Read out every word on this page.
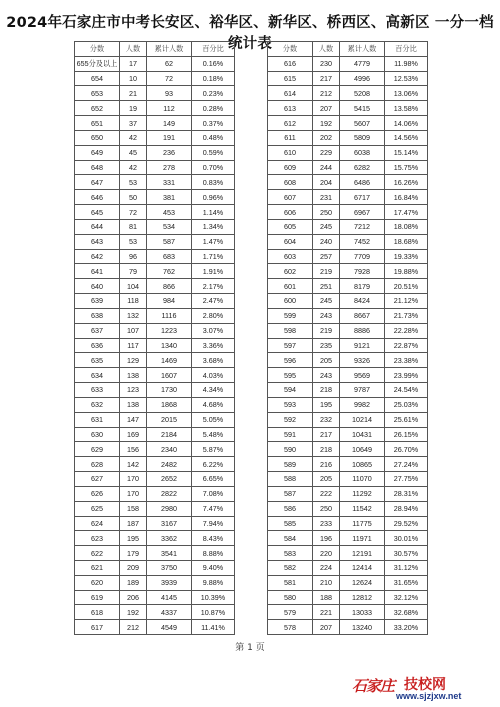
2024年石家庄市中考长安区、裕华区、新华区、桥西区、高新区 一分一档统计表
分数	人数	累计人数	百分比
655分及以上	17	62	0.16%
654	10	72	0.18%
653	21	93	0.23%
652	19	112	0.28%
651	37	149	0.37%
650	42	191	0.48%
649	45	236	0.59%
648	42	278	0.70%
647	53	331	0.83%
646	50	381	0.96%
645	72	453	1.14%
644	81	534	1.34%
643	53	587	1.47%
642	96	683	1.71%
641	79	762	1.91%
640	104	866	2.17%
639	118	984	2.47%
638	132	1116	2.80%
637	107	1223	3.07%
636	117	1340	3.36%
635	129	1469	3.68%
634	138	1607	4.03%
633	123	1730	4.34%
632	138	1868	4.68%
631	147	2015	5.05%
630	169	2184	5.48%
629	156	2340	5.87%
628	142	2482	6.22%
627	170	2652	6.65%
626	170	2822	7.08%
625	158	2980	7.47%
624	187	3167	7.94%
623	195	3362	8.43%
622	179	3541	8.88%
621	209	3750	9.40%
620	189	3939	9.88%
619	206	4145	10.39%
618	192	4337	10.87%
617	212	4549	11.41%
分数	人数	累计人数	百分比
616	230	4779	11.98%
615	217	4996	12.53%
614	212	5208	13.06%
613	207	5415	13.58%
612	192	5607	14.06%
611	202	5809	14.56%
610	229	6038	15.14%
609	244	6282	15.75%
608	204	6486	16.26%
607	231	6717	16.84%
606	250	6967	17.47%
605	245	7212	18.08%
604	240	7452	18.68%
603	257	7709	19.33%
602	219	7928	19.88%
601	251	8179	20.51%
600	245	8424	21.12%
599	243	8667	21.73%
598	219	8886	22.28%
597	235	9121	22.87%
596	205	9326	23.38%
595	243	9569	23.99%
594	218	9787	24.54%
593	195	9982	25.03%
592	232	10214	25.61%
591	217	10431	26.15%
590	218	10649	26.70%
589	216	10865	27.24%
588	205	11070	27.75%
587	222	11292	28.31%
586	250	11542	28.94%
585	233	11775	29.52%
584	196	11971	30.01%
583	220	12191	30.57%
582	224	12414	31.12%
581	210	12624	31.65%
580	188	12812	32.12%
579	221	13033	32.68%
578	207	13240	33.20%
第 1 页
石家庄 技校网
www.sjzjxw.net
